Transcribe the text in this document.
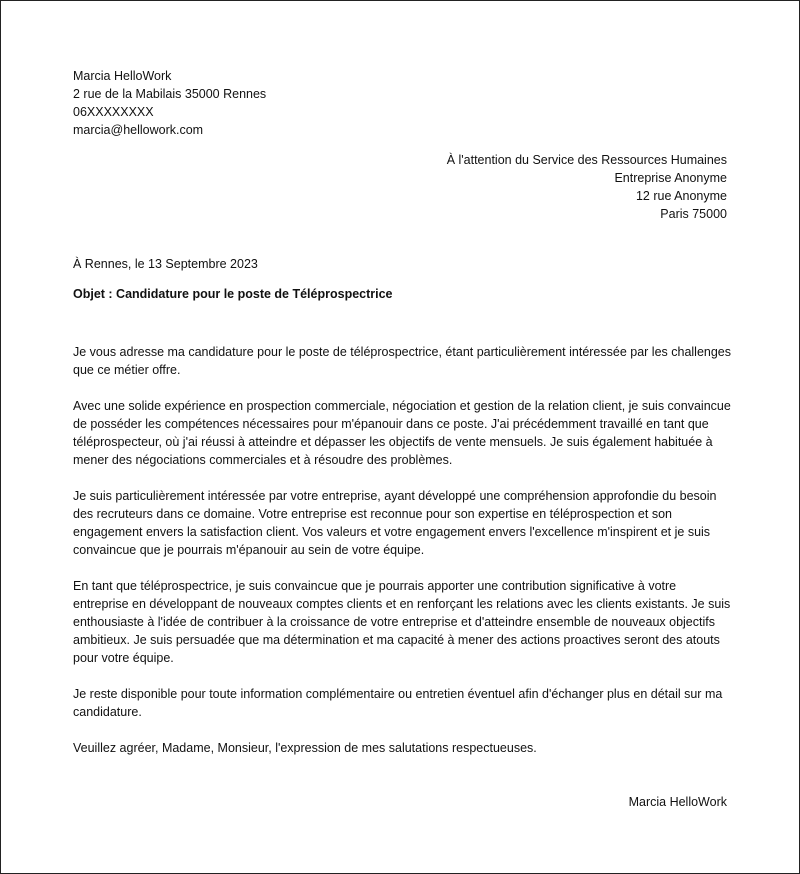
Marcia HelloWork
2 rue de la Mabilais 35000 Rennes
06XXXXXXXX
marcia@hellowork.com
À l'attention du Service des Ressources Humaines
Entreprise Anonyme
12 rue Anonyme
Paris 75000
À Rennes, le 13 Septembre 2023
Objet : Candidature pour le poste de Téléprospectrice

Je vous adresse ma candidature pour le poste de téléprospectrice, étant particulièrement intéressée par les challenges que ce métier offre.

Avec une solide expérience en prospection commerciale, négociation et gestion de la relation client, je suis convaincue de posséder les compétences nécessaires pour m'épanouir dans ce poste. J'ai précédemment travaillé en tant que téléprospecteur, où j'ai réussi à atteindre et dépasser les objectifs de vente mensuels. Je suis également habituée à mener des négociations commerciales et à résoudre des problèmes.

Je suis particulièrement intéressée par votre entreprise, ayant développé une compréhension approfondie du besoin des recruteurs dans ce domaine. Votre entreprise est reconnue pour son expertise en téléprospection et son engagement envers la satisfaction client. Vos valeurs et votre engagement envers l'excellence m'inspirent et je suis convaincue que je pourrais m'épanouir au sein de votre équipe.

En tant que téléprospectrice, je suis convaincue que je pourrais apporter une contribution significative à votre entreprise en développant de nouveaux comptes clients et en renforçant les relations avec les clients existants. Je suis enthousiaste à l'idée de contribuer à la croissance de votre entreprise et d'atteindre ensemble de nouveaux objectifs ambitieux. Je suis persuadée que ma détermination et ma capacité à mener des actions proactives seront des atouts pour votre équipe.

Je reste disponible pour toute information complémentaire ou entretien éventuel afin d'échanger plus en détail sur ma candidature.

Veuillez agréer, Madame, Monsieur, l'expression de mes salutations respectueuses.

Marcia HelloWork
